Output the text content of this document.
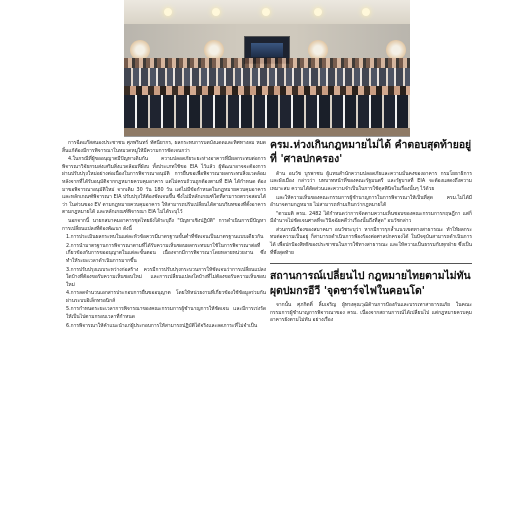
การฉีดแก๊สสนองประชาชน ศุภพรินทร์ ทัศนียากร, ผลกระทบการบดบังแดดและทิศทางลม หมดสิ้นแก้ต้องมีการพิจารณาในหมวดหมู่ให้มีความการชัดเจนกว่า

4.ในกรณีที่ผู้ขออนุญาตมีปัญหาเดิมกัน ความปลอดภัยระยะห่างอาคารที่มีผลกระทบต่อการพิจารณาวิจัยกรมส่งเสริมสิ่งแวดล้อมที่ผังบ ทั้งประเภทใช้ขอ EIA ไว้แล้ว ผู้พัฒนาอาจจะต้องการผ่านปรับปรุงใหม่อย่างต่อเนื่องในการพิจารณาอนุมัติ การยื่นขอเพื่อพิจารณาผลกระทบสิ่งแวดล้อมหลังจากที่ได้รับอนุมัติจากกฎหมายควบคุมอาคาร แต่ไม่ครบถ้วนถูกต้องตามที่ EIA ได้กำหนด ต้องมาขอพิจารณาอนุมัติใหม่ จากเดิม 30 วัน 180 วัน แต่ไม่มีข้อกำหนดในกฎหมายควบคุมอาคาร และหลักเกณฑ์พิจารณา EIA ปรับปรุงให้ต้องชัดเจนขึ้น ซึ่งไม่มีหลักเกณฑ์ใดที่สามารถตรวจสอบได้ว่า ในส่วนของ EV ตามกฎหมายควบคุมอาคาร ให้สามารถปรับเปลี่ยนได้ตามบริบทของที่ตั้งอาคารตามกฎหมายได้ และหลักเกณฑ์พิจารณา EIA ไม่ได้ระบุไว้

นอกจากนี้ นายกสมาคมอาคารชุดไทยยังได้ระบุถึง "ปัญหาเชิงปฏิบัติ" การดำเนินการมีปัญหาการเปลี่ยนแปลงที่ต้องพัฒนา ดังนี้

1.การประเมินผลกระทบในแต่ละหัวข้อควรมีมาตรฐานขั้นต่ำที่ชัดเจนเป็นมาตรฐานแบบเดียวกัน

2.การนำมาตรฐานการพิจารณาตามที่ได้รับความเห็นชอบผลกระทบมาใช้ในการพิจารณาต่อที่เกี่ยวข้องกับการขออนุญาตในแต่ละขั้นตอน เนื่องจากมีการพิจารณาโดยหลายหน่วยงาน ซึ่งทำให้ระยะเวลาดำเนินการมากขึ้น

3.การปรับปรุงแบบระหว่างก่อสร้าง ควรมีการปรับปรุงกระบวนการให้ชัดเจนว่าการเปลี่ยนแปลงใดบ้างที่ต้องขอรับความเห็นชอบใหม่ และการเปลี่ยนแปลงใดบ้างที่ไม่ต้องขอรับความเห็นชอบใหม่

4.การลดจำนวนเอกสารประกอบการยื่นขออนุญาต โดยให้หน่วยงานที่เกี่ยวข้องใช้ข้อมูลร่วมกันผ่านระบบอิเล็กทรอนิกส์

5.การกำหนดระยะเวลาการพิจารณาของคณะกรรมการผู้ชำนาญการให้ชัดเจน และมีการเร่งรัดให้เป็นไปตามกรอบเวลาที่กำหนด

6.การพิจารณาให้คำแนะนำแก่ผู้ประกอบการให้สามารถปฏิบัติได้จริงและลดภาระที่ไม่จำเป็น

ครม.ห่วงเกินกฎหมายไม่ได้ คำตอบสุดท้ายอยู่ที่ 'ศาลปกครอง'

ด้าน อนวัช บูรพาชน ผู้แทนสำนักความปลอดภัยและความมั่นคงของอาคาร กรมโยธาธิการและผังเมือง กล่าวว่า บทบาทหน้าที่ของคณะรัฐมนตรี และรัฐบาลที่ EIA จะต้องแสดงถึงความเหมาะสม ความได้สัดส่วนและความจำเป็นในการใช้ดุลพินิจในเรื่องนั้นๆ ไว้ด้วย

และให้ความเห็นของคณะกรรมการผู้ชำนาญการในการพิจารณาให้เป็นที่สุด ครม.ไม่ได้มีอำนาจตามกฎหมาย ไม่สามารถห้ามเกินกว่ากฎหมายได้

"ตามมติ ครม. 2482 ได้กำหนดว่าการจัดตามความเห็นชอบของคณะกรรมการกฤษฎีกา แต่ก็มีอำนาจไม่ชัดเจนศาลที่จะวินิจฉัยคดีว่าเรื่องนั้นถึงที่สุด" อนวัชกล่าว

ส่วนกรณีเรื่องของสมาคมฯ อนวัชระบุว่า หากมีการรุกล้ำแนวเขตทางสาธารณะ ทำให้ผลกระทบต่อความเป็นอยู่ ก็สามารถดำเนินการฟ้องร้องต่อศาลปกครองได้ ในปัจจุบันสามารถดำเนินการได้ เพื่อปกป้องสิทธิของประชาชนในการใช้ทางสาธารณะ และให้ความเป็นธรรมกับทุกฝ่าย ซึ่งเป็นที่พึ่งสุดท้าย

สถานการณ์เปลี่ยนไป กฎหมายไทยตามไม่ทันผุดปมกรอีวี 'จุดชาร์จไฟในคอนโด'

จากนั้น ศุภกิตติ์ ลิ้มเจริญ ผู้ทรงคุณวุฒิด้านการป้องกันและบรรเทาสาธารณภัย ในคณะกรรมการผู้ชำนาญการพิจารณาของ ครม. เนื่องจากสถานการณ์ได้เปลี่ยนไป แต่กฎหมายควบคุมอาคารยังตามไม่ทัน อย่างเรื่อง
